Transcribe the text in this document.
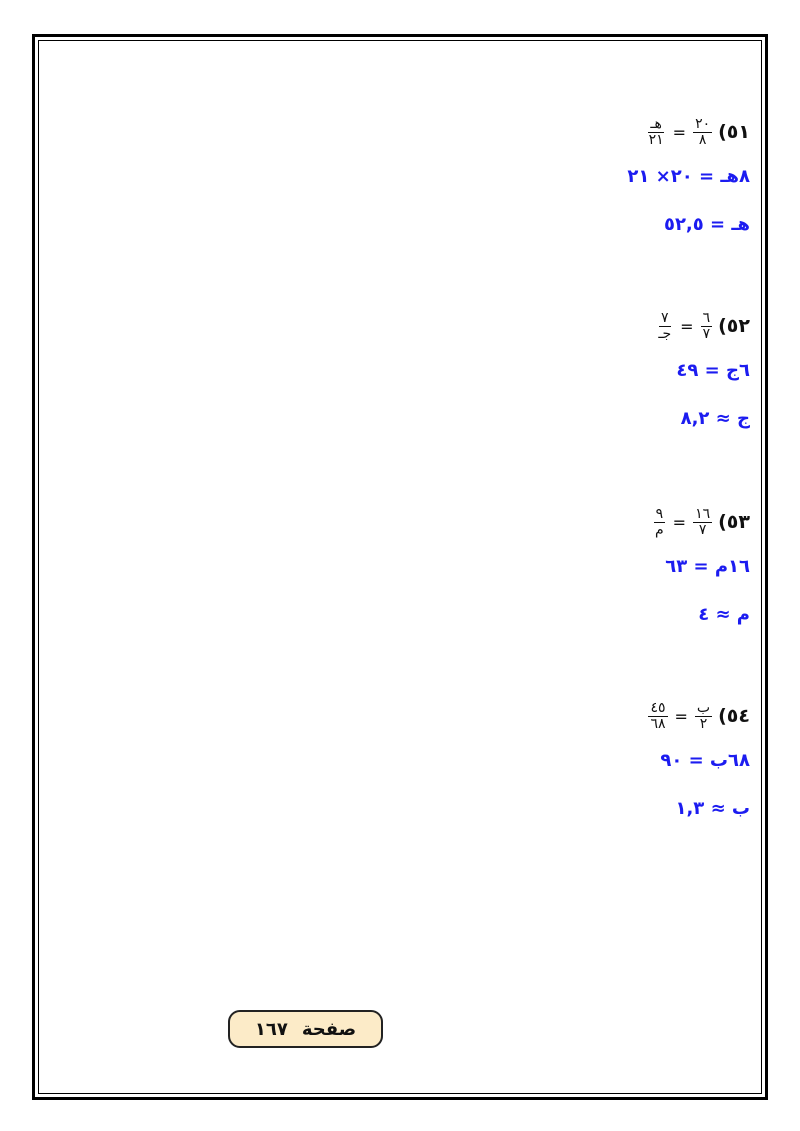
٥١)
$\frac{٢٠}{٨}$
=
$\frac{\text{هـ}}{٢١}$
٨هـ = ٢٠× ٢١
هـ = ٥٢,٥
٥٢)
$\frac{٦}{٧}$
=
$\frac{٧}{\text{جـ}}$
٦ج = ٤٩
ج ≈ ٨,٢
٥٣)
$\frac{١٦}{٧}$
=
$\frac{٩}{\text{م}}$
١٦م = ٦٣
م ≈ ٤
٥٤)
$\frac{\text{ب}}{٢}$
=
$\frac{٤٥}{٦٨}$
٦٨ب = ٩٠
ب ≈ ١,٣
صفحة
١٦٧
